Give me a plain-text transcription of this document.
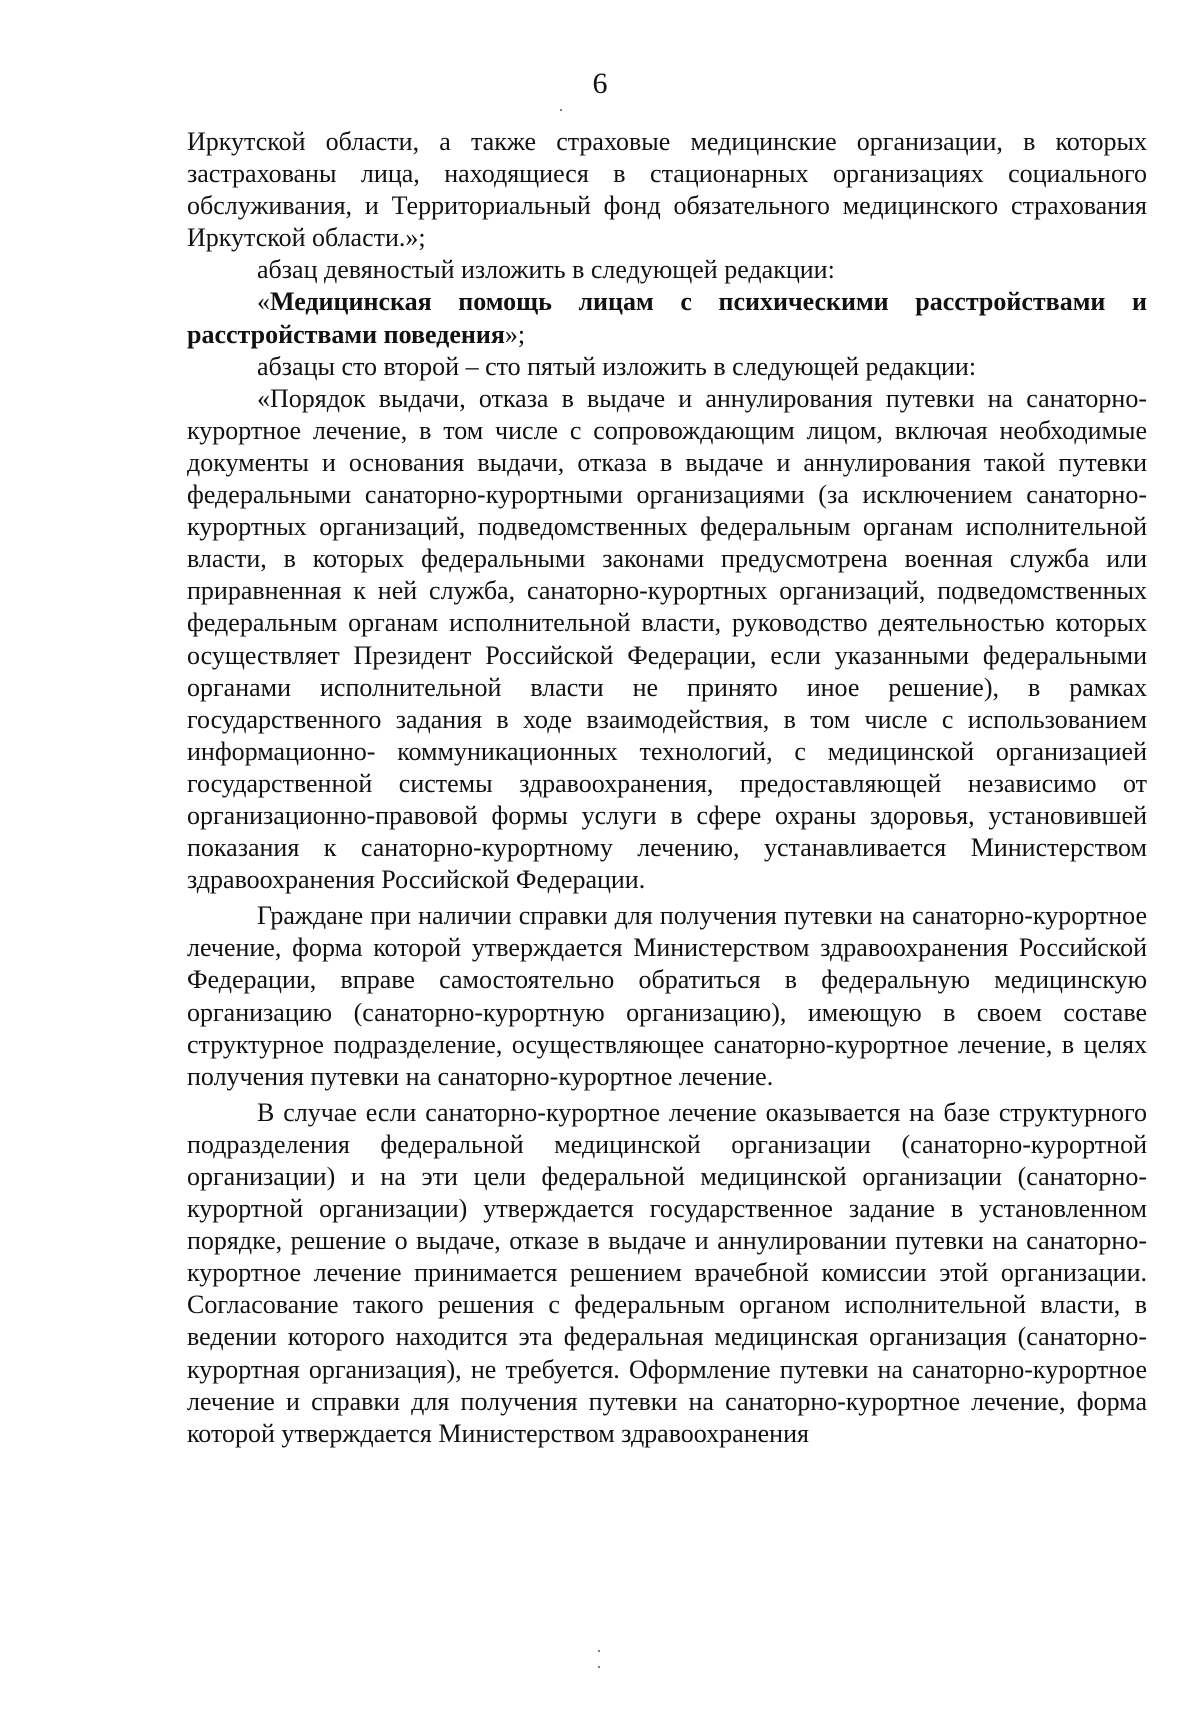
6

Иркутской области, а также страховые медицинские организации, в которых застрахованы лица, находящиеся в стационарных организациях социального обслуживания, и Территориальный фонд обязательного медицинского страхования Иркутской области.»;

абзац девяностый изложить в следующей редакции:

«Медицинская помощь лицам с психическими расстройствами и расстройствами поведения»;

абзацы сто второй – сто пятый изложить в следующей редакции:

«Порядок выдачи, отказа в выдаче и аннулирования путевки на санаторно-курортное лечение, в том числе с сопровождающим лицом, включая необходимые документы и основания выдачи, отказа в выдаче и аннулирования такой путевки федеральными санаторно-курортными организациями (за исключением санаторно-курортных организаций, подведомственных федеральным органам исполнительной власти, в которых федеральными законами предусмотрена военная служба или приравненная к ней служба, санаторно-курортных организаций, подведомственных федеральным органам исполнительной власти, руководство деятельностью которых осуществляет Президент Российской Федерации, если указанными федеральными органами исполнительной власти не принято иное решение), в рамках государственного задания в ходе взаимодействия, в том числе с использованием информационно- коммуникационных технологий, с медицинской организацией государственной системы здравоохранения, предоставляющей независимо от организационно-правовой формы услуги в сфере охраны здоровья, установившей показания к санаторно-курортному лечению, устанавливается Министерством здравоохранения Российской Федерации.

Граждане при наличии справки для получения путевки на санаторно-курортное лечение, форма которой утверждается Министерством здравоохранения Российской Федерации, вправе самостоятельно обратиться в федеральную медицинскую организацию (санаторно-курортную организацию), имеющую в своем составе структурное подразделение, осуществляющее санаторно-курортное лечение, в целях получения путевки на санаторно-курортное лечение.

В случае если санаторно-курортное лечение оказывается на базе структурного подразделения федеральной медицинской организации (санаторно-курортной организации) и на эти цели федеральной медицинской организации (санаторно-курортной организации) утверждается государственное задание в установленном порядке, решение о выдаче, отказе в выдаче и аннулировании путевки на санаторно-курортное лечение принимается решением врачебной комиссии этой организации. Согласование такого решения с федеральным органом исполнительной власти, в ведении которого находится эта федеральная медицинская организация (санаторно-курортная организация), не требуется. Оформление путевки на санаторно-курортное лечение и справки для получения путевки на санаторно-курортное лечение, форма которой утверждается Министерством здравоохранения
